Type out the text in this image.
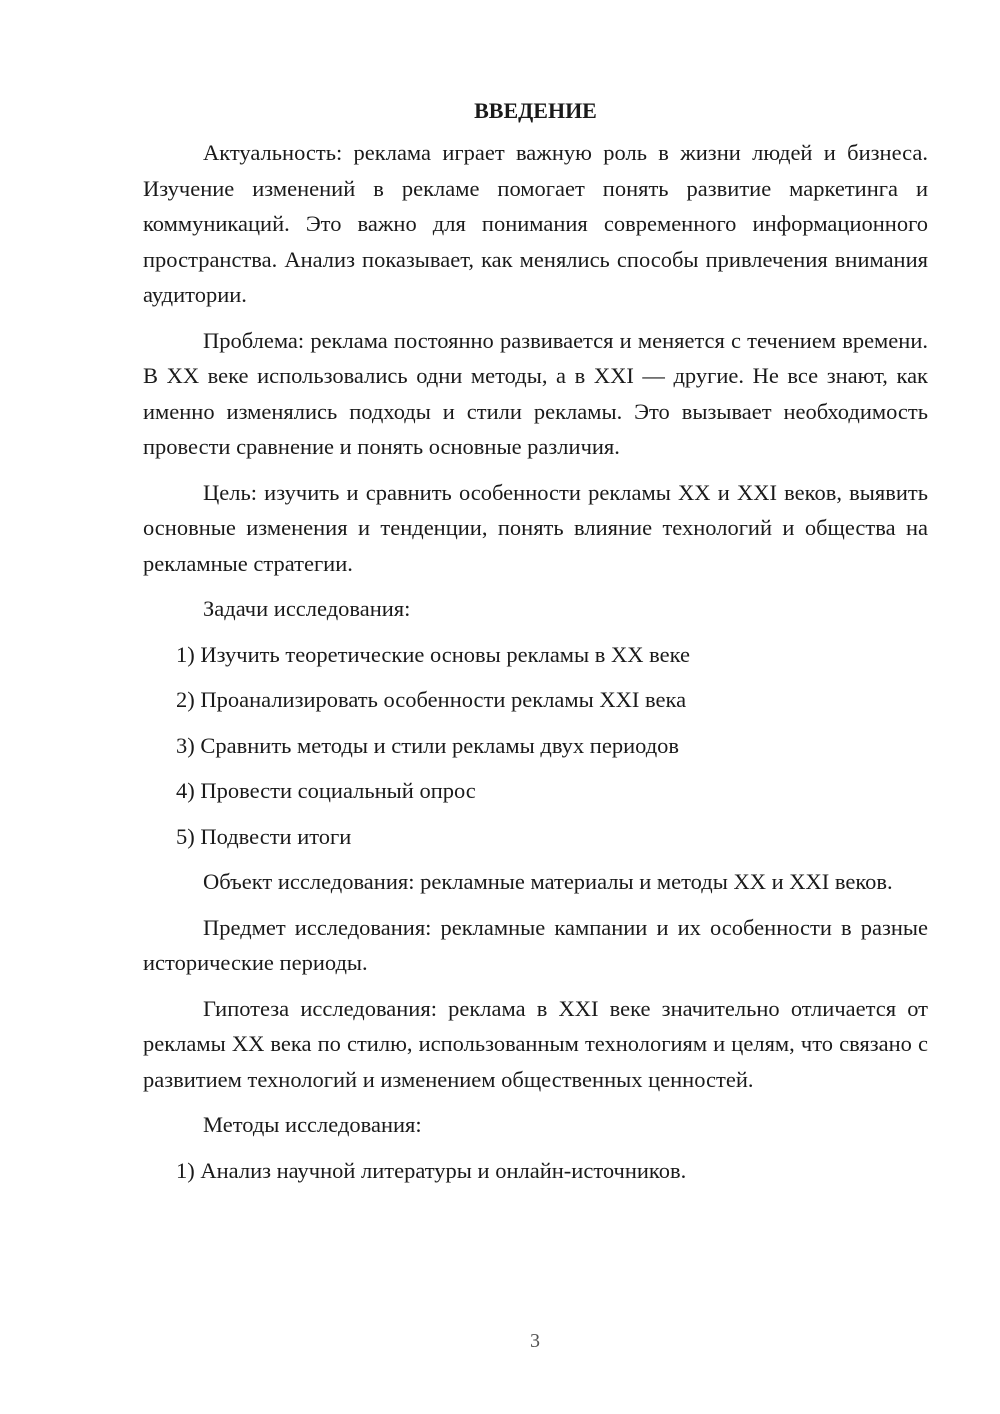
ВВЕДЕНИЕ

Актуальность: реклама играет важную роль в жизни людей и бизнеса. Изучение изменений в рекламе помогает понять развитие маркетинга и коммуникаций. Это важно для понимания современного информационного пространства. Анализ показывает, как менялись способы привлечения внимания аудитории.

Проблема: реклама постоянно развивается и меняется с течением времени. В XX веке использовались одни методы, а в XXI — другие. Не все знают, как именно изменялись подходы и стили рекламы. Это вызывает необходимость провести сравнение и понять основные различия.

Цель: изучить и сравнить особенности рекламы XX и XXI веков, выявить основные изменения и тенденции, понять влияние технологий и общества на рекламные стратегии.

Задачи исследования:

1) Изучить теоретические основы рекламы в XX веке
2) Проанализировать особенности рекламы XXI века
3) Сравнить методы и стили рекламы двух периодов
4) Провести социальный опрос
5) Подвести итоги

Объект исследования: рекламные материалы и методы XX и XXI веков.

Предмет исследования: рекламные кампании и их особенности в разные исторические периоды.

Гипотеза исследования: реклама в XXI веке значительно отличается от рекламы XX века по стилю, использованным технологиям и целям, что связано с развитием технологий и изменением общественных ценностей.

Методы исследования:

1) Анализ научной литературы и онлайн-источников.
3
